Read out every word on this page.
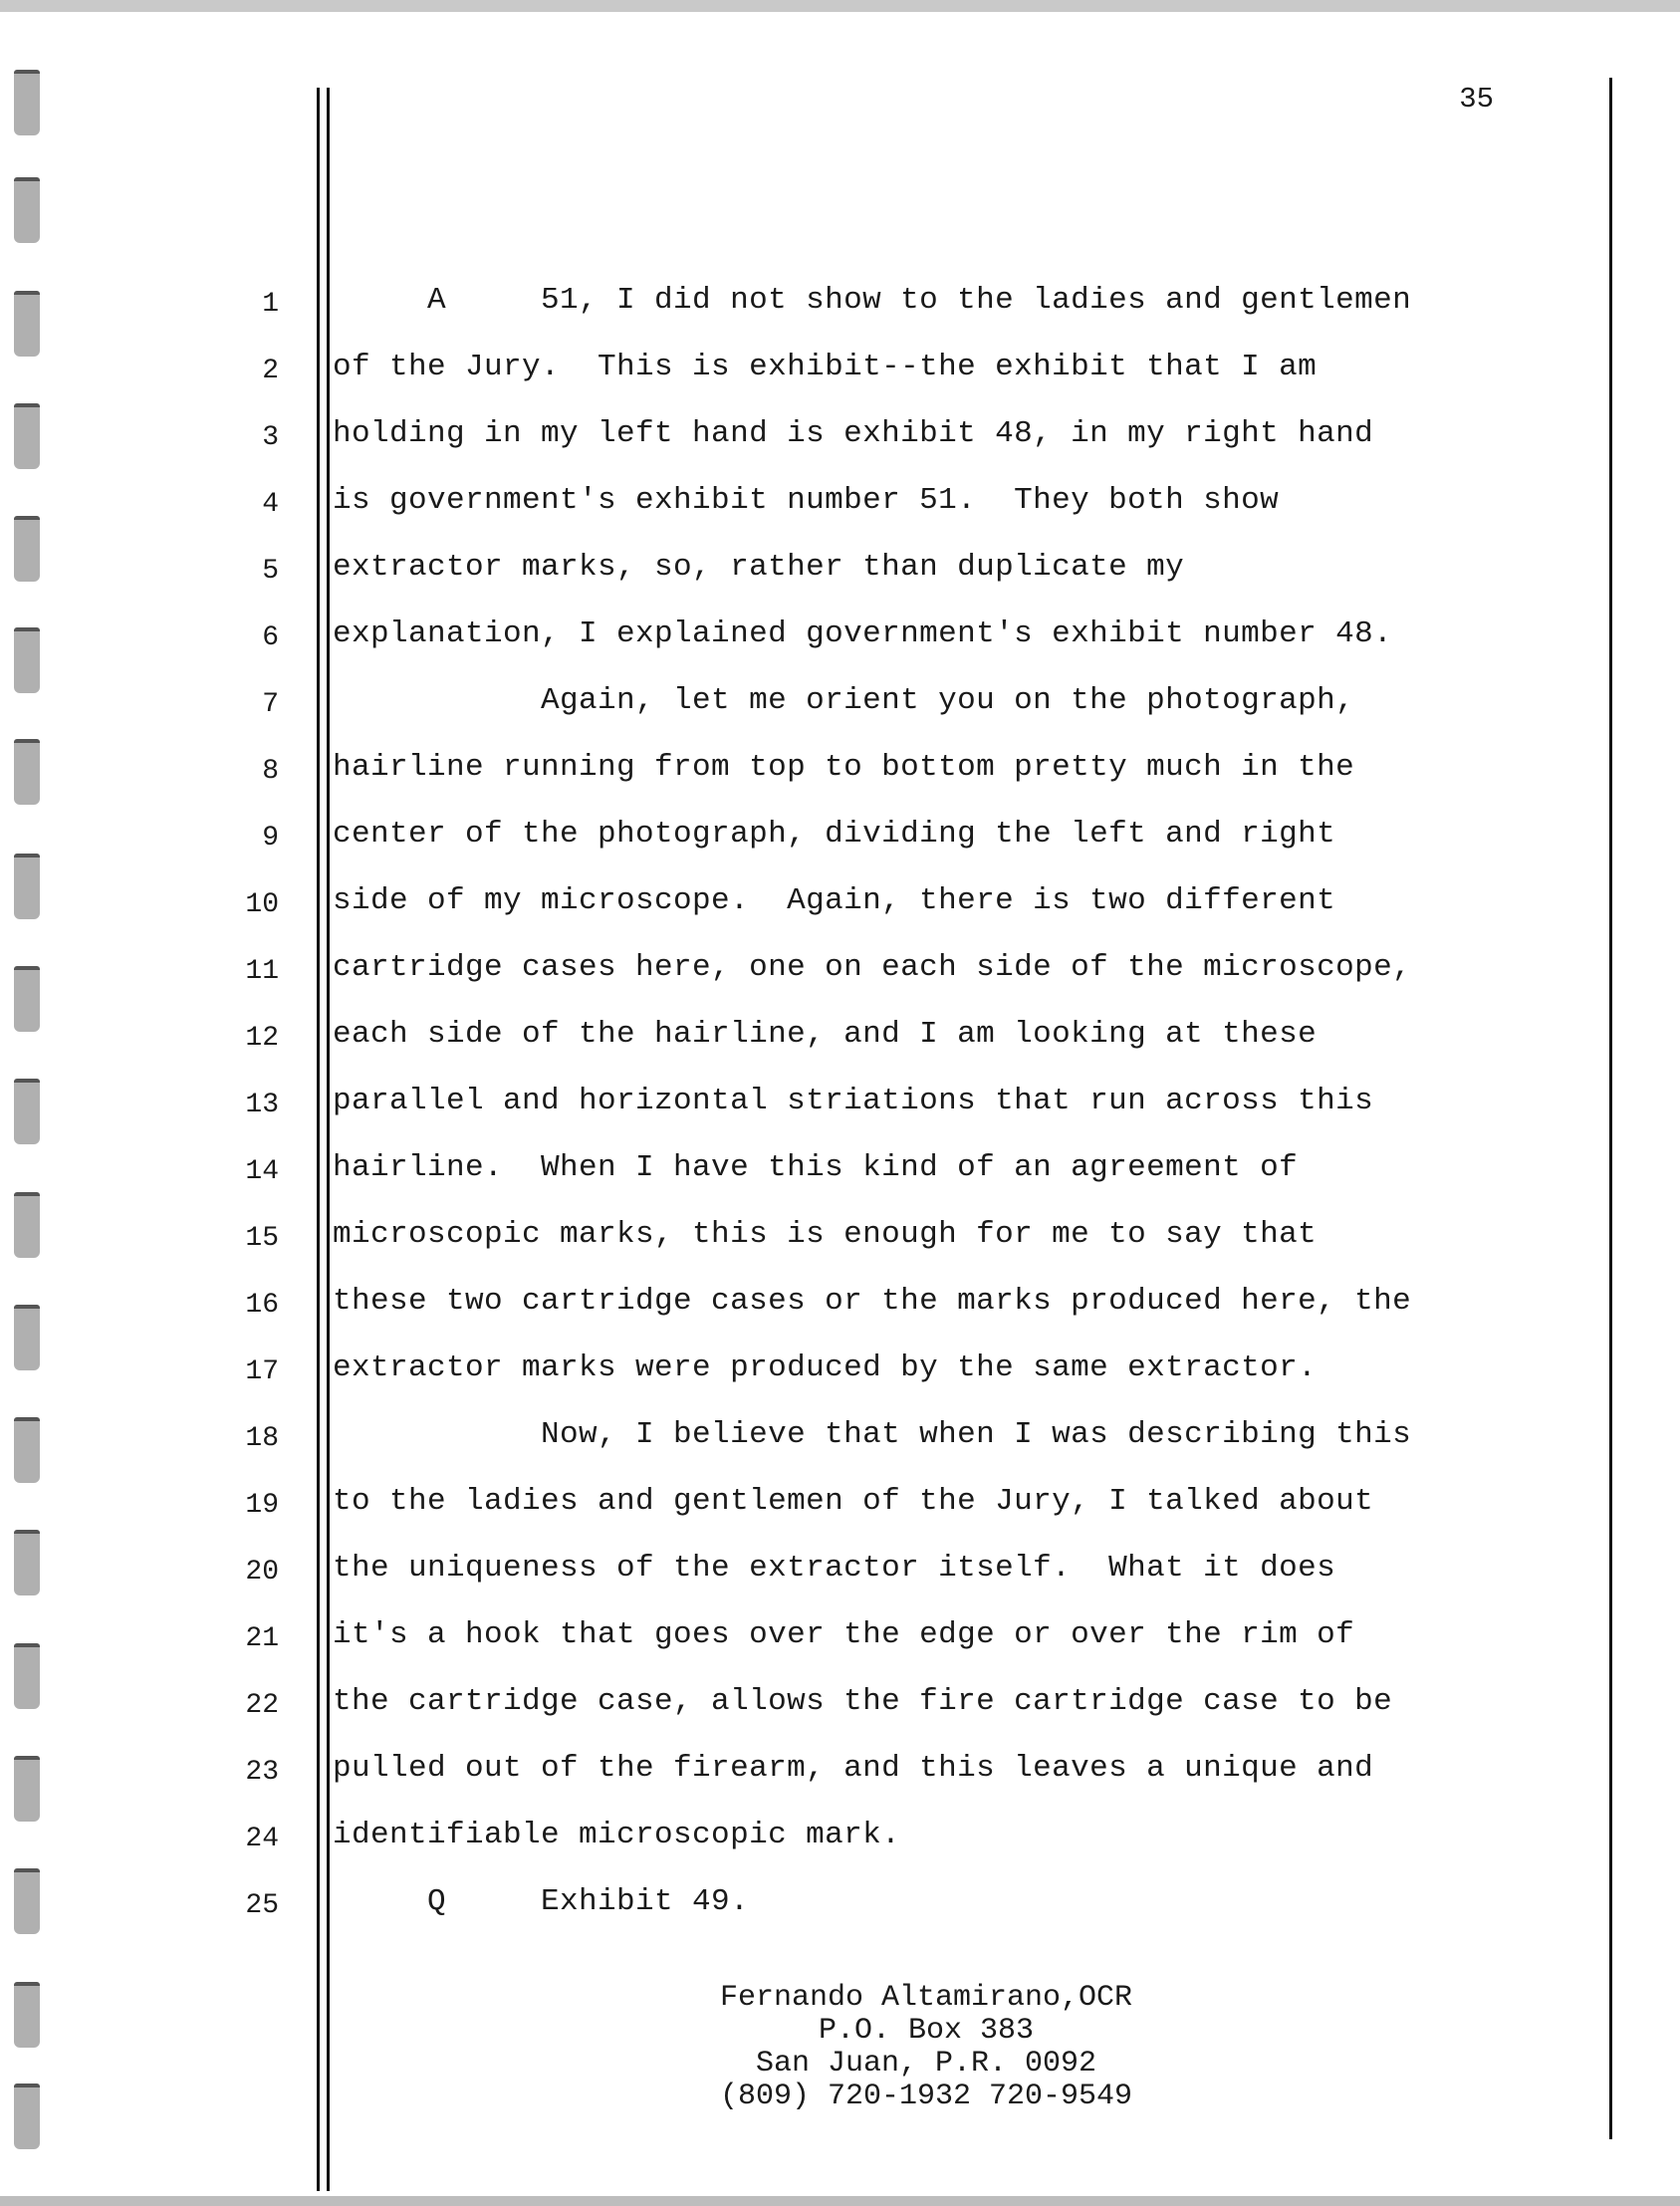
35
1
2
3
4
5
6
7
8
9
10
11
12
13
14
15
16
17
18
19
20
21
22
23
24
25
A     51, I did not show to the ladies and gentlemen
of the Jury.  This is exhibit--the exhibit that I am
holding in my left hand is exhibit 48, in my right hand
is government's exhibit number 51.  They both show
extractor marks, so, rather than duplicate my
explanation, I explained government's exhibit number 48.
Again, let me orient you on the photograph,
hairline running from top to bottom pretty much in the
center of the photograph, dividing the left and right
side of my microscope.  Again, there is two different
cartridge cases here, one on each side of the microscope,
each side of the hairline, and I am looking at these
parallel and horizontal striations that run across this
hairline.  When I have this kind of an agreement of
microscopic marks, this is enough for me to say that
these two cartridge cases or the marks produced here, the
extractor marks were produced by the same extractor.
Now, I believe that when I was describing this
to the ladies and gentlemen of the Jury, I talked about
the uniqueness of the extractor itself.  What it does
it's a hook that goes over the edge or over the rim of
the cartridge case, allows the fire cartridge case to be
pulled out of the firearm, and this leaves a unique and
identifiable microscopic mark.
Q     Exhibit 49.
Fernando Altamirano,OCR
P.O. Box 383
San Juan, P.R. 0092
(809) 720-1932 720-9549
